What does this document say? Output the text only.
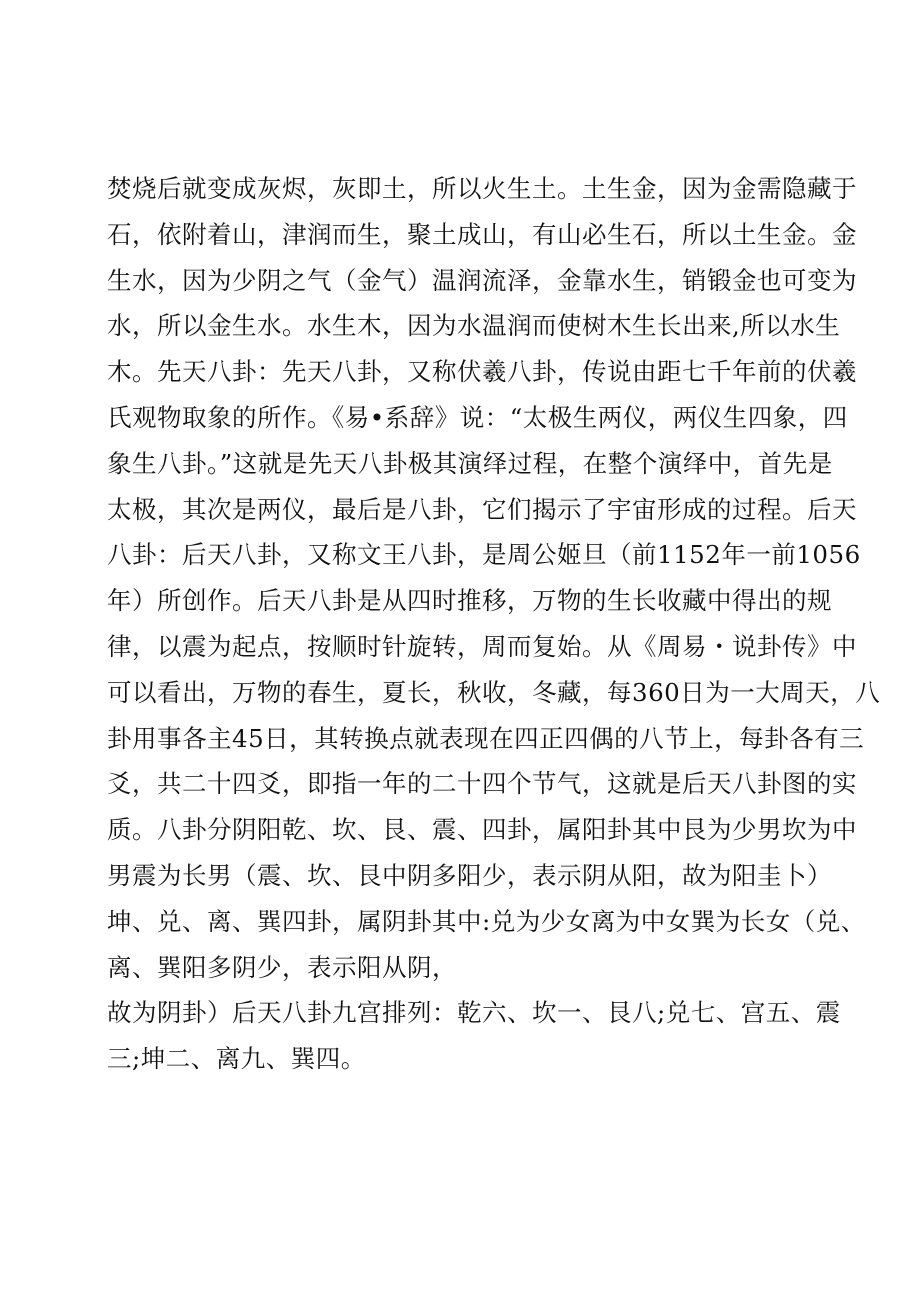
焚烧后就变成灰烬，灰即土，所以火生土。土生金，因为金需隐藏于
石，依附着山，津润而生，聚土成山，有山必生石，所以土生金。金
生水，因为少阴之气（金气）温润流泽，金靠水生，销锻金也可变为
水，所以金生水。水生木，因为水温润而使树木生长出来,所以水生
木。先天八卦：先天八卦，又称伏羲八卦，传说由距七千年前的伏羲
氏观物取象的所作。《易•系辞》说：“太极生两仪，两仪生四象，四
象生八卦。”这就是先天八卦极其演绎过程，在整个演绎中，首先是
太极，其次是两仪，最后是八卦，它们揭示了宇宙形成的过程。后天
八卦：后天八卦，又称文王八卦，是周公姬旦（前1152年一前1056
年）所创作。后天八卦是从四时推移，万物的生长收藏中得出的规
律，以震为起点，按顺时针旋转，周而复始。从《周易・说卦传》中
可以看出，万物的春生，夏长，秋收，冬藏，每360日为一大周天，八
卦用事各主45日，其转换点就表现在四正四偶的八节上，每卦各有三
爻，共二十四爻，即指一年的二十四个节气，这就是后天八卦图的实
质。八卦分阴阳乾、坎、艮、震、四卦，属阳卦其中艮为少男坎为中
男震为长男（震、坎、艮中阴多阳少，表示阴从阳，故为阳圭卜）
坤、兑、离、巽四卦，属阴卦其中:兑为少女离为中女巽为长女（兑、
离、巽阳多阴少，表示阳从阴，
故为阴卦）后天八卦九宫排列：乾六、坎一、艮八;兑七、宫五、震
三;坤二、离九、巽四。
